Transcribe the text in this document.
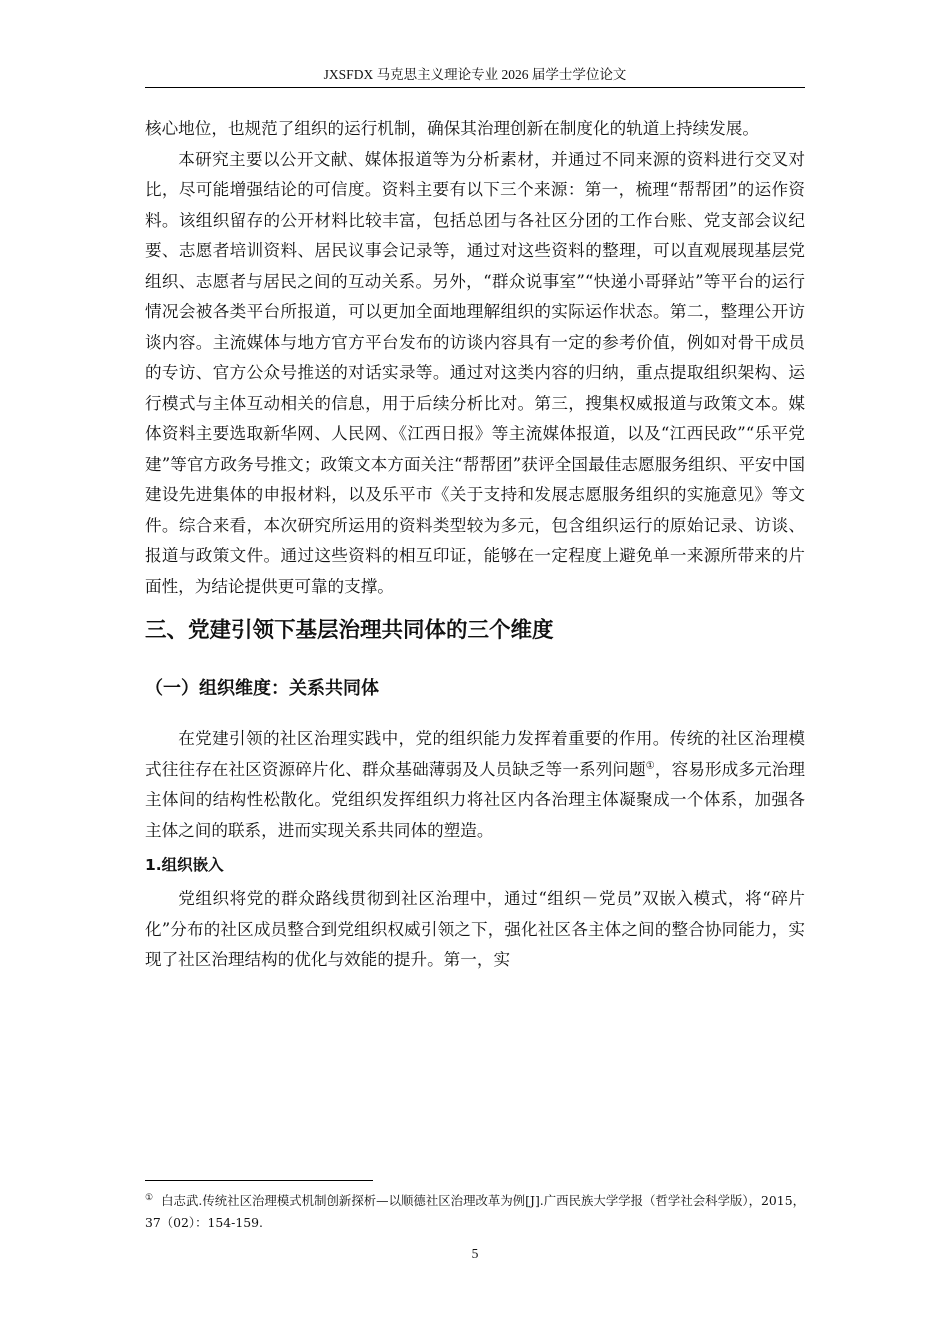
JXSFDX 马克思主义理论专业 2026 届学士学位论文

核心地位，也规范了组织的运行机制，确保其治理创新在制度化的轨道上持续发展。

本研究主要以公开文献、媒体报道等为分析素材，并通过不同来源的资料进行交叉对比，尽可能增强结论的可信度。资料主要有以下三个来源：第一，梳理“帮帮团”的运作资料。该组织留存的公开材料比较丰富，包括总团与各社区分团的工作台账、党支部会议纪要、志愿者培训资料、居民议事会记录等，通过对这些资料的整理，可以直观展现基层党组织、志愿者与居民之间的互动关系。另外，“群众说事室”“快递小哥驿站”等平台的运行情况会被各类平台所报道，可以更加全面地理解组织的实际运作状态。第二，整理公开访谈内容。主流媒体与地方官方平台发布的访谈内容具有一定的参考价值，例如对骨干成员的专访、官方公众号推送的对话实录等。通过对这类内容的归纳，重点提取组织架构、运行模式与主体互动相关的信息，用于后续分析比对。第三，搜集权威报道与政策文本。媒体资料主要选取新华网、人民网、《江西日报》等主流媒体报道，以及“江西民政”“乐平党建”等官方政务号推文；政策文本方面关注“帮帮团”获评全国最佳志愿服务组织、平安中国建设先进集体的申报材料，以及乐平市《关于支持和发展志愿服务组织的实施意见》等文件。综合来看，本次研究所运用的资料类型较为多元，包含组织运行的原始记录、访谈、报道与政策文件。通过这些资料的相互印证，能够在一定程度上避免单一来源所带来的片面性，为结论提供更可靠的支撑。

三、党建引领下基层治理共同体的三个维度
（一）组织维度：关系共同体

在党建引领的社区治理实践中，党的组织能力发挥着重要的作用。传统的社区治理模式往往存在社区资源碎片化、群众基础薄弱及人员缺乏等一系列问题①，容易形成多元治理主体间的结构性松散化。党组织发挥组织力将社区内各治理主体凝聚成一个体系，加强各主体之间的联系，进而实现关系共同体的塑造。

1.组织嵌入

党组织将党的群众路线贯彻到社区治理中，通过“组织－党员”双嵌入模式，将“碎片化”分布的社区成员整合到党组织权威引领之下，强化社区各主体之间的整合协同能力，实现了社区治理结构的优化与效能的提升。第一，实

① 白志武.传统社区治理模式机制创新探析—以顺德社区治理改革为例[J].广西民族大学学报（哲学社会科学版），2015，37（02）：154-159.

5
